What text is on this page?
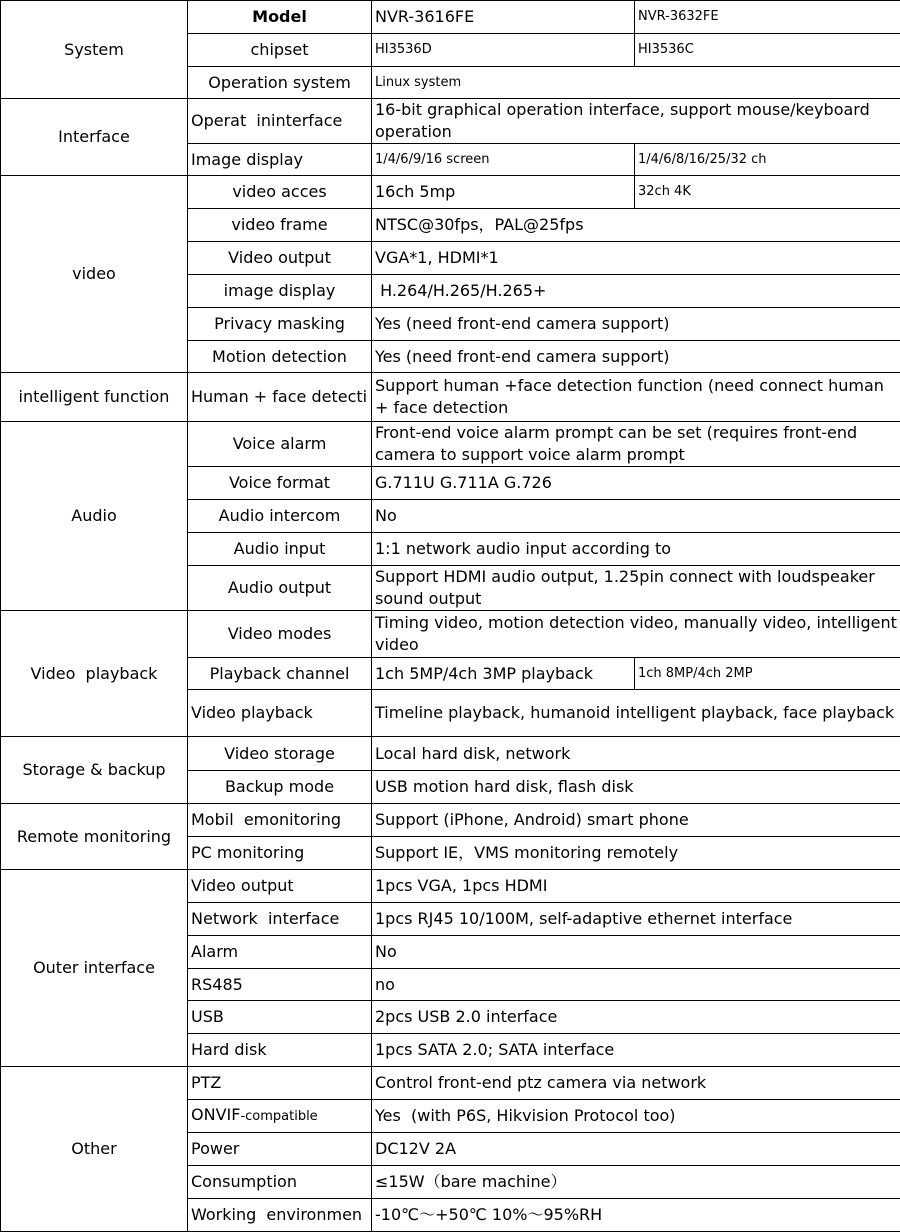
System	Model	NVR-3616FE	NVR-3632FE
	chipset	HI3536D	HI3536C
	Operation system	Linux system	
Interface	Operat  ininterface	16-bit graphical operation interface, support mouse/keyboard operation	
	Image display	1/4/6/9/16 screen	1/4/6/8/16/25/32 ch
video	video acces	16ch 5mp	32ch 4K
	video frame	NTSC@30fps，PAL@25fps	
	Video output	VGA*1, HDMI*1	
	image display	H.264/H.265/H.265+	
	Privacy masking	Yes (need front-end camera support)	
	Motion detection	Yes (need front-end camera support)	
intelligent function	Human + face detecti	Support human +face detection function (need connect human + face detection	
Audio	Voice alarm	Front-end voice alarm prompt can be set (requires front-end camera to support voice alarm prompt	
	Voice format	G.711U G.711A G.726	
	Audio intercom	No	
	Audio input	1:1 network audio input according to	
	Audio output	Support HDMI audio output, 1.25pin connect with loudspeaker sound output	
Video  playback	Video modes	Timing video, motion detection video, manually video, intelligent video	
	Playback channel	1ch 5MP/4ch 3MP playback	1ch 8MP/4ch 2MP
	Video playback	Timeline playback, humanoid intelligent playback, face playback	
Storage & backup	Video storage	Local hard disk, network	
	Backup mode	USB motion hard disk, flash disk	
Remote monitoring	Mobil  emonitoring	Support (iPhone, Android) smart phone	
	PC monitoring	Support IE，VMS monitoring remotely	
Outer interface	Video output	1pcs VGA, 1pcs HDMI	
	Network  interface	1pcs RJ45 10/100M, self-adaptive ethernet interface	
	Alarm	No	
	RS485	no	
	USB	2pcs USB 2.0 interface	
	Hard disk	1pcs SATA 2.0; SATA interface	
Other	PTZ	Control front-end ptz camera via network	
	ONVIF-compatible	Yes  (with P6S, Hikvision Protocol too)	
	Power	DC12V 2A	
	Consumption	≤15W（bare machine）	
	Working  environmen	-10℃～+50℃ 10%～95%RH	
